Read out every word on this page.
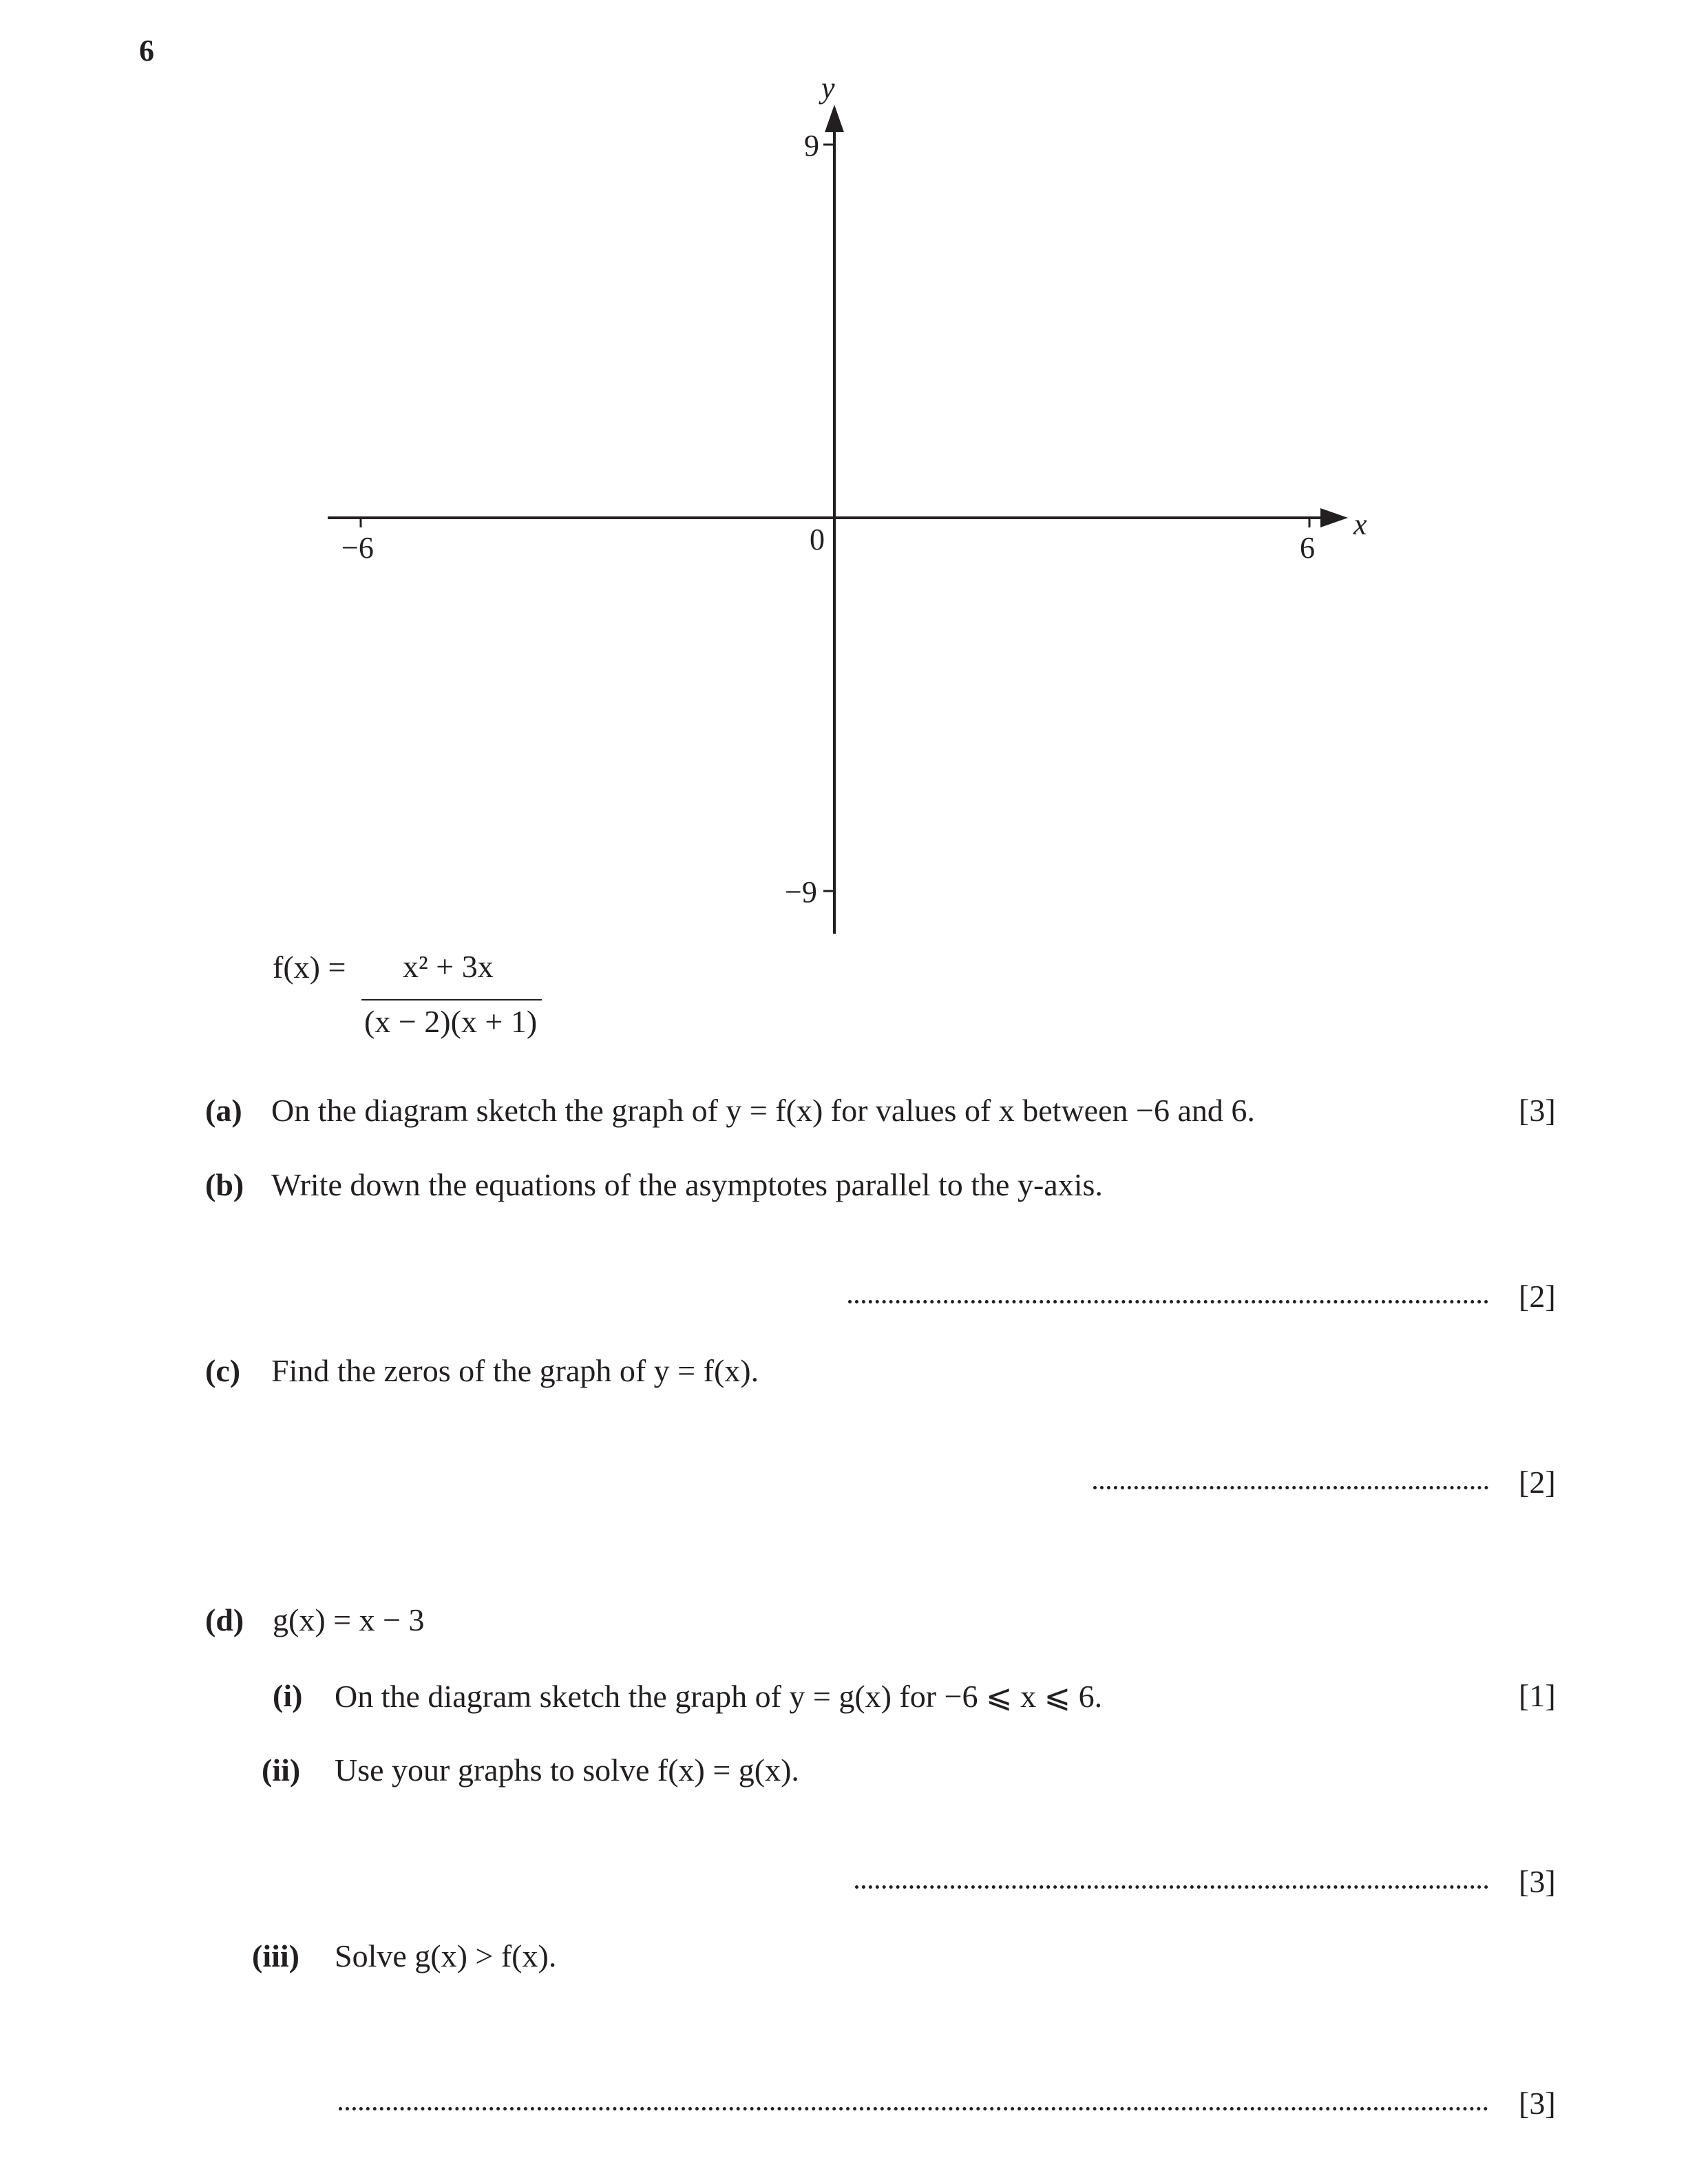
6
x
y
0
−6	6
9
−9
f(x) = x² + 3x
(x − 2)(x + 1)
(a) On the diagram sketch the graph of y = f(x) for values of x between −6 and 6.	[3]
(b) Write down the equations of the asymptotes parallel to the y-axis.
[2]
(c) Find the zeros of the graph of y = f(x).
[2]
(d) g(x) = x − 3
(i) On the diagram sketch the graph of y = g(x) for −6 ⩽ x ⩽ 6.	[1]
(ii) Use your graphs to solve f(x) = g(x).
[3]
(iii) Solve g(x) > f(x).
[3]
